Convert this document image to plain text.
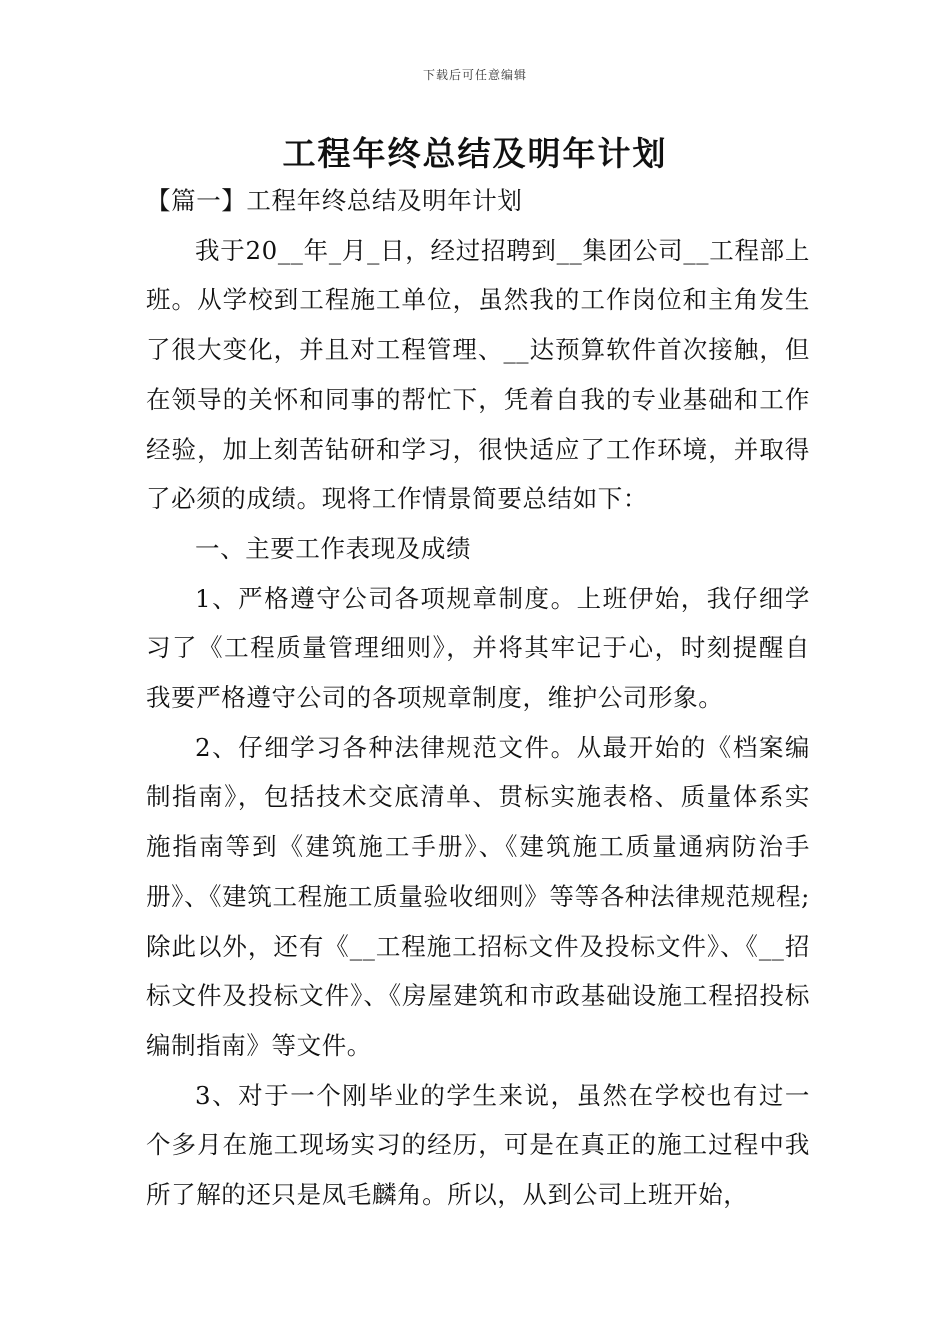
下载后可任意编辑
工程年终总结及明年计划

【篇一】工程年终总结及明年计划

我于20__年_月_日，经过招聘到__集团公司__工程部上班。从学校到工程施工单位，虽然我的工作岗位和主角发生了很大变化，并且对工程管理、__达预算软件首次接触，但在领导的关怀和同事的帮忙下，凭着自我的专业基础和工作经验，加上刻苦钻研和学习，很快适应了工作环境，并取得了必须的成绩。现将工作情景简要总结如下：

一、主要工作表现及成绩

1、严格遵守公司各项规章制度。上班伊始，我仔细学习了《工程质量管理细则》，并将其牢记于心，时刻提醒自我要严格遵守公司的各项规章制度，维护公司形象。

2、仔细学习各种法律规范文件。从最开始的《档案编制指南》，包括技术交底清单、贯标实施表格、质量体系实施指南等到《建筑施工手册》、《建筑施工质量通病防治手册》、《建筑工程施工质量验收细则》等等各种法律规范规程;除此以外，还有《__工程施工招标文件及投标文件》、《__招标文件及投标文件》、《房屋建筑和市政基础设施工程招投标编制指南》等文件。

3、对于一个刚毕业的学生来说，虽然在学校也有过一个多月在施工现场实习的经历，可是在真正的施工过程中我所了解的还只是凤毛麟角。所以，从到公司上班开始，
